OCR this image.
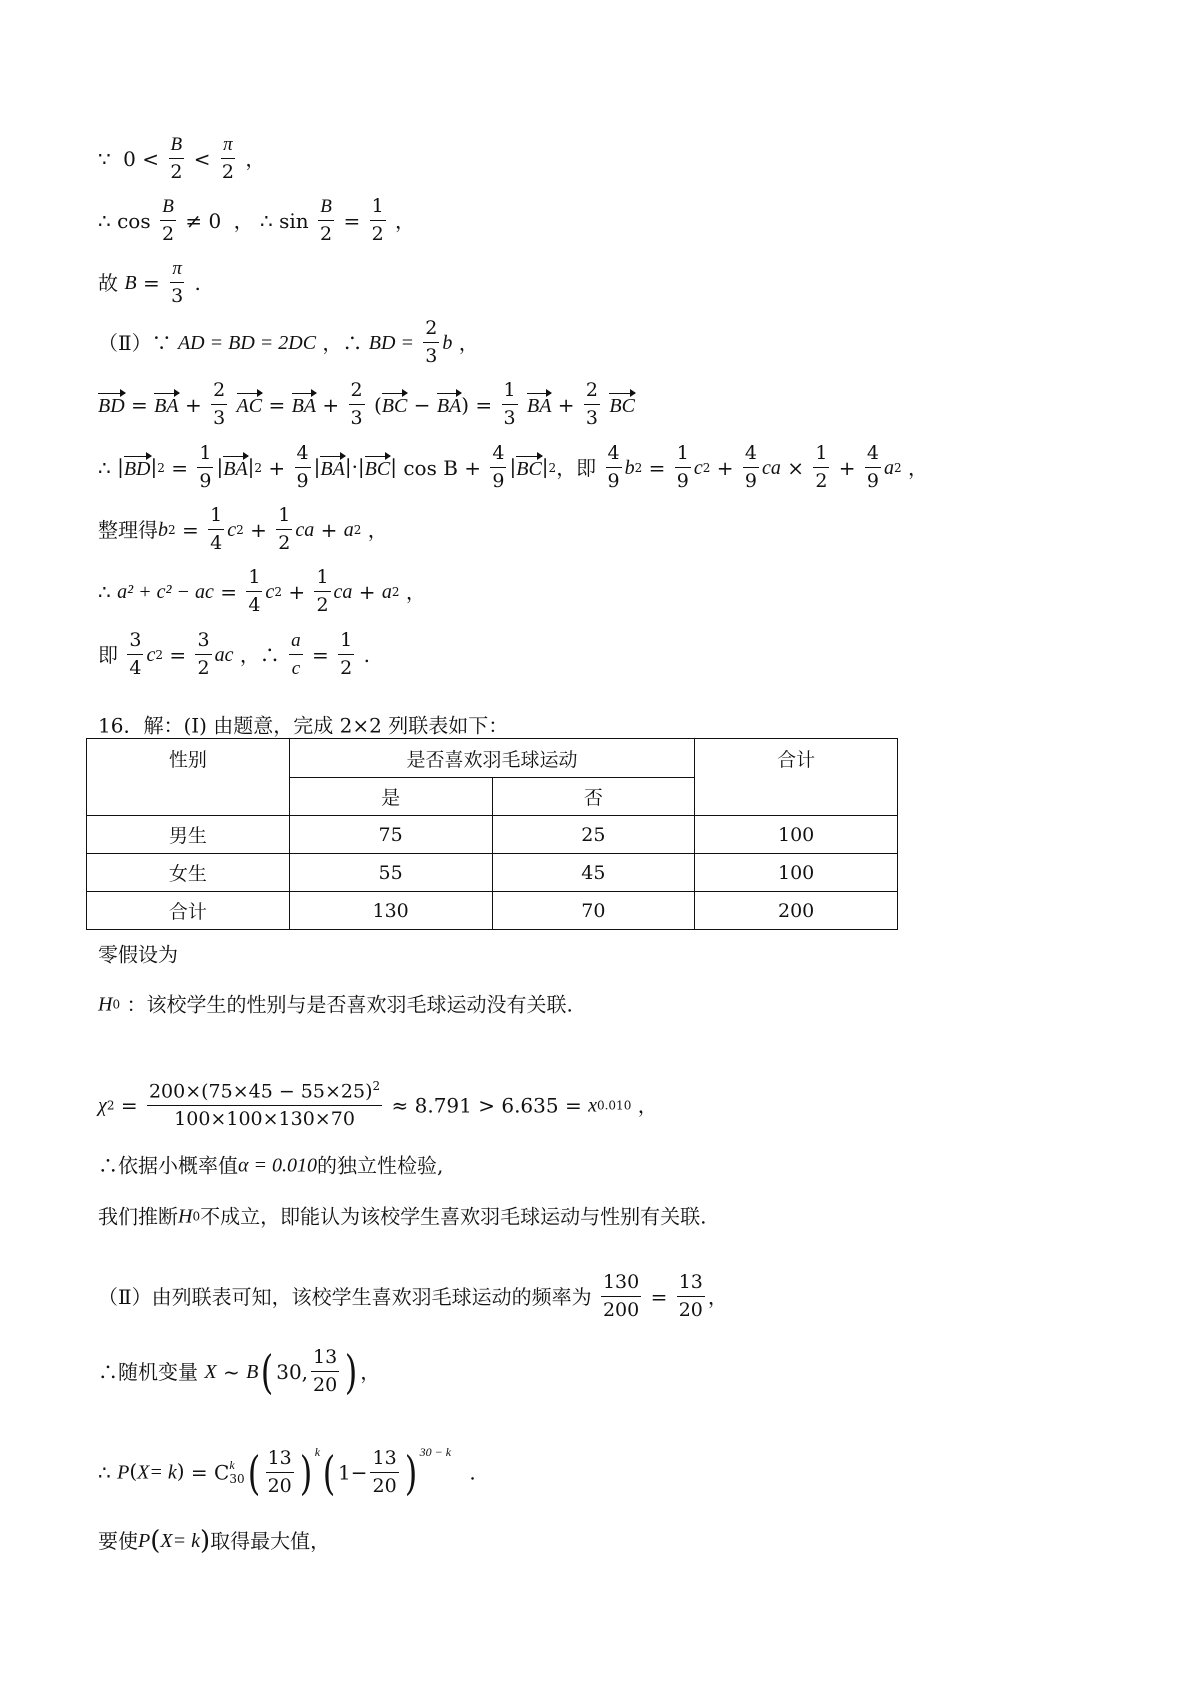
∵ $0 < \frac{B}{2} < \frac{\pi}{2}$ ，
∴ $\cos \frac{B}{2} \ne 0$ ， ∴ $\sin \frac{B}{2} = \frac{1}{2}$ ，
故 $B = \frac{\pi}{3}$ .
（Ⅱ）∵ AD = BD = 2DC ，∴ BD = $\frac{2}{3}$ b ，
BD = BA + $\frac{2}{3}$ AC = BA + $\frac{2}{3} (BC - BA) = \frac{1}{3}$ BA + $\frac{2}{3}$ BC
∴ $|BD|2 = \frac{1}{9} |BA|2 + \frac{4}{9} |BA|\cdot|BC|$ $\cos B + \frac{4}{9} |BC|2$，即 $\frac{4}{9} b2 = \frac{1}{9} c2 + \frac{4}{9}$ ca × $\frac{1}{2} + \frac{4}{9} a2$ ，
整理得$b2 = \frac{1}{4} c2 + \frac{1}{2}$ ca + a2 ，
∴ a² + c² − ac = $\frac{1}{4} c2 + \frac{1}{2}$ ca + a2 ，
即 $\frac{3}{4} c2 = \frac{3}{2}$ ac ，∴ $\frac{a}{c} = \frac{1}{2}$ .
16．解：(Ⅰ) 由题意，完成 2×2 列联表如下：
性别	是否喜欢羽毛球运动		合计
	是	否	
男生	75	25	100
女生	55	45	100
合计	130	70	200
零假设为
H0 ：该校学生的性别与是否喜欢羽毛球运动没有关联.
$\chi 2 = \frac{200\times(75\times 45 - 55\times 25)^2}{100\times 100\times 130\times 70} \approx 8.791 > 6.635 = x0.010$ ，
∴依据小概率值α = 0.010的独立性检验,
我们推断H0不成立，即能认为该校学生喜欢羽毛球运动与性别有关联.
（Ⅱ）由列联表可知，该校学生喜欢羽毛球运动的频率为 $\frac{130}{200} = \frac{13}{20}$ ，
∴随机变量 X ~ B( 30, $\frac{13}{20}$ ) ，
∴ P(X= k) = C k
30 ( $\frac{13}{20}$ ) $^k$( $1- \frac{13}{20}$ ) $^{30 - k}$ .
要使P(X= k)取得最大值，
